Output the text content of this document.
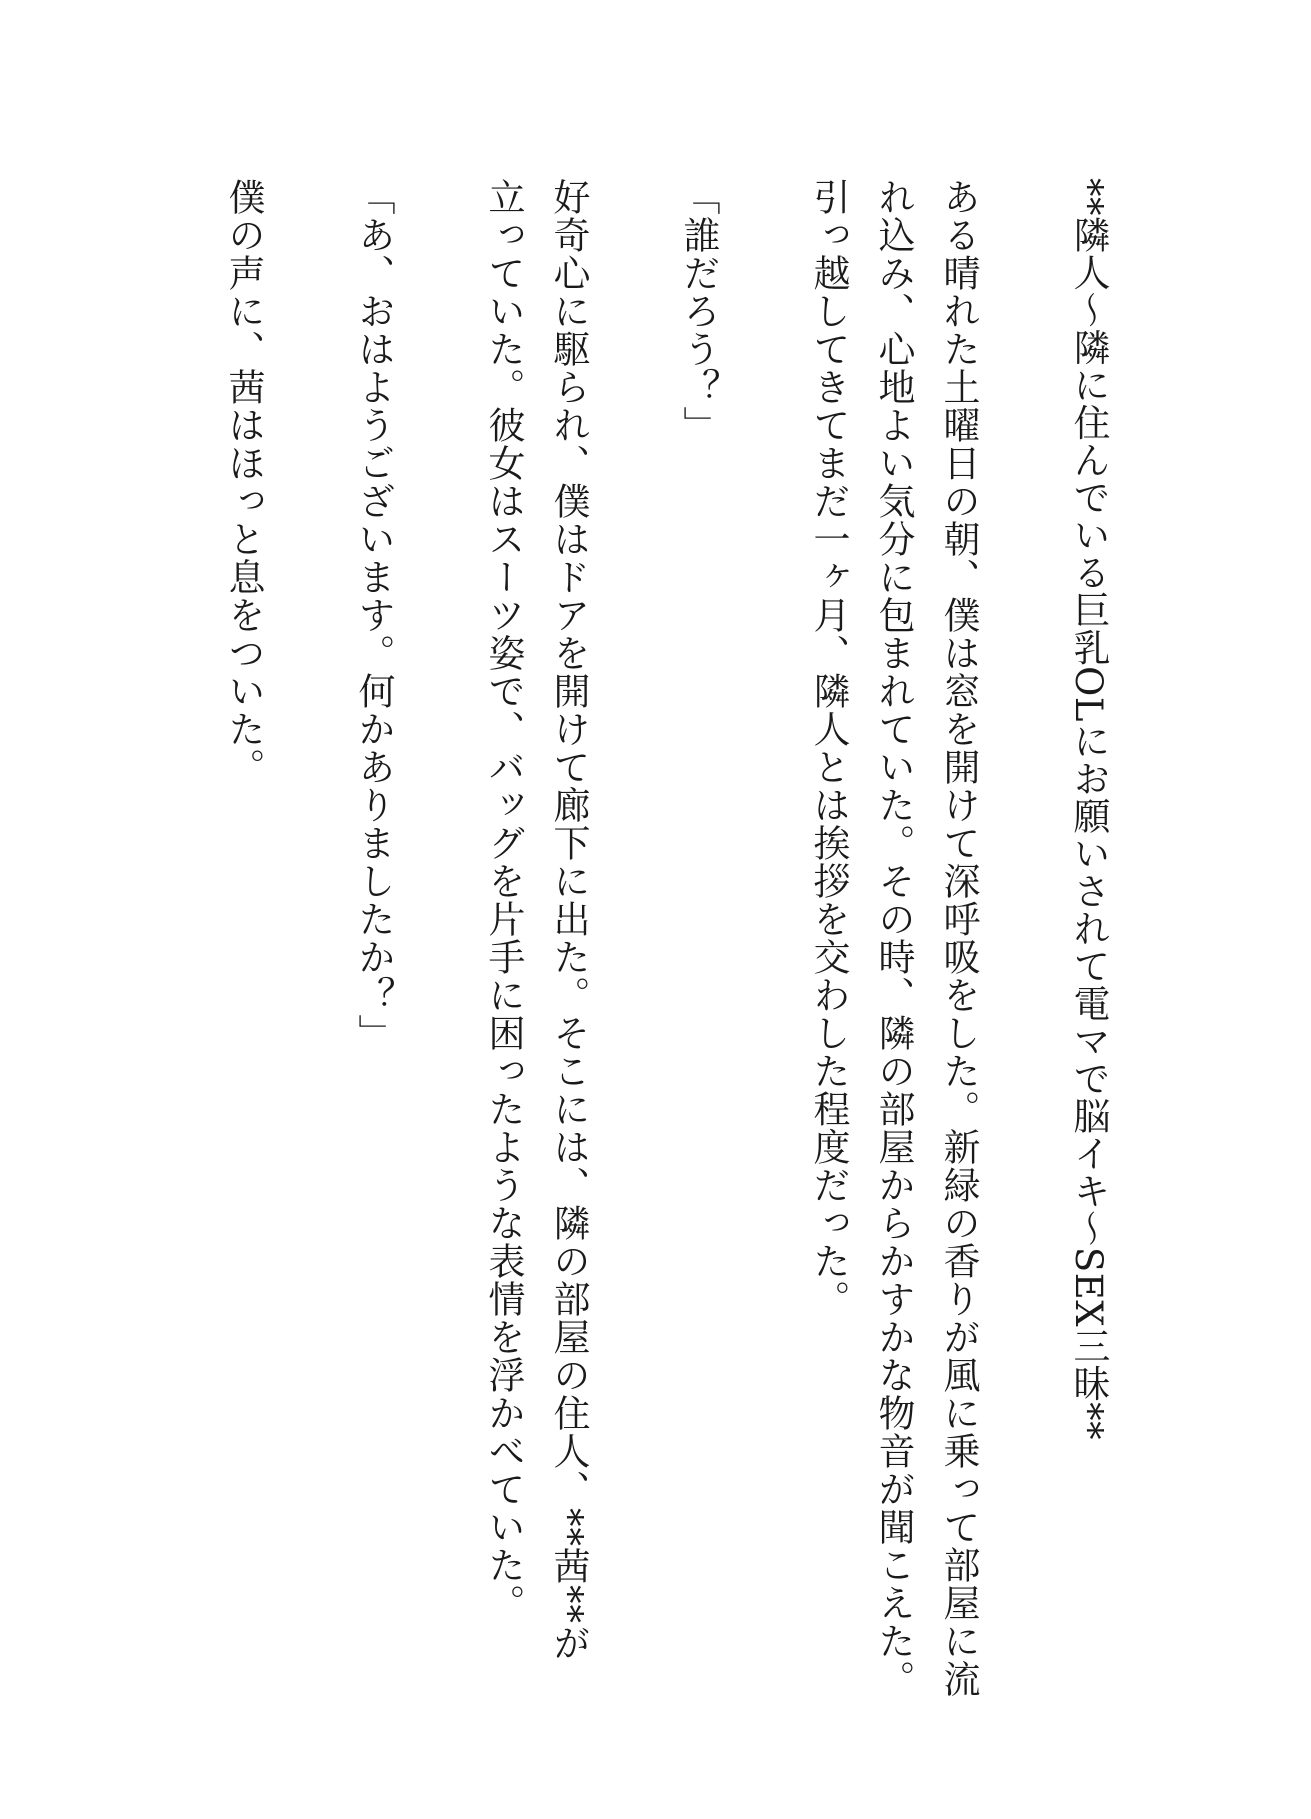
**隣人～隣に住んでいる巨乳OLにお願いされて電マで脳イキ～SEX三昧**

ある晴れた土曜日の朝、僕は窓を開けて深呼吸をした。新緑の香りが風に乗って部屋に流れ込み、心地よい気分に包まれていた。その時、隣の部屋からかすかな物音が聞こえた。引っ越してきてまだ一ヶ月、隣人とは挨拶を交わした程度だった。

「誰だろう？」

好奇心に駆られ、僕はドアを開けて廊下に出た。そこには、隣の部屋の住人、**茜**が立っていた。彼女はスーツ姿で、バッグを片手に困ったような表情を浮かべていた。

「あ、おはようございます。何かありましたか？」

僕の声に、茜はほっと息をついた。
